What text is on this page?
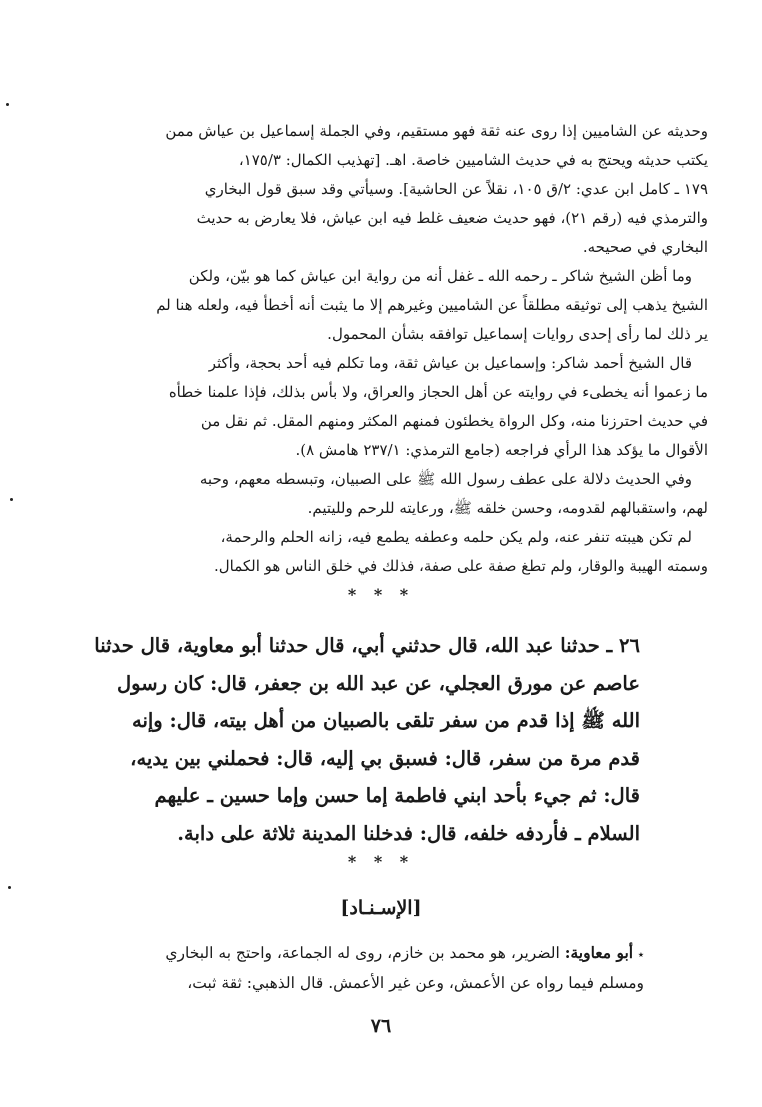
وحديثه عن الشاميين إذا روى عنه ثقة فهو مستقيم، وفي الجملة إسماعيل بن عياش ممن
يكتب حديثه ويحتج به في حديث الشاميين خاصة. اهـ. [تهذيب الكمال: ١٧٥/٣،
١٧٩ ـ كامل ابن عدي: ٢/ق ١٠٥، نقلاً عن الحاشية]. وسيأتي وقد سبق قول البخاري
والترمذي فيه (رقم ٢١)، فهو حديث ضعيف غلط فيه ابن عياش، فلا يعارض به حديث
البخاري في صحيحه.
وما أظن الشيخ شاكر ـ رحمه الله ـ غفل أنه من رواية ابن عياش كما هو بيّن، ولكن
الشيخ يذهب إلى توثيقه مطلقاً عن الشاميين وغيرهم إلا ما يثبت أنه أخطأ فيه، ولعله هنا لم
ير ذلك لما رأى إحدى روايات إسماعيل توافقه بشأن المحمول.
قال الشيخ أحمد شاكر: وإسماعيل بن عياش ثقة، وما تكلم فيه أحد بحجة، وأكثر
ما زعموا أنه يخطىء في روايته عن أهل الحجاز والعراق، ولا بأس بذلك، فإذا علمنا خطأه
في حديث احترزنا منه، وكل الرواة يخطئون فمنهم المكثر ومنهم المقل. ثم نقل من
الأقوال ما يؤكد هذا الرأي فراجعه (جامع الترمذي: ٢٣٧/١ هامش ٨).
وفي الحديث دلالة على عطف رسول الله ﷺ على الصبيان، وتبسطه معهم، وحبه
لهم، واستقبالهم لقدومه، وحسن خلقه ﷺ، ورعايته للرحم ولليتيم.
لم تكن هيبته تنفر عنه، ولم يكن حلمه وعطفه يطمع فيه، زانه الحلم والرحمة،
وسمته الهيبة والوقار، ولم تطغ صفة على صفة، فذلك في خلق الناس هو الكمال.
* * *
٢٦ ـ حدثنا عبد الله، قال حدثني أبي، قال حدثنا أبو معاوية، قال حدثنا
عاصم عن مورق العجلي، عن عبد الله بن جعفر، قال: كان رسول
الله ﷺ إذا قدم من سفر تلقى بالصبيان من أهل بيته، قال: وإنه
قدم مرة من سفر، قال: فسبق بي إليه، قال: فحملني بين يديه،
قال: ثم جيء بأحد ابني فاطمة إما حسن وإما حسين ـ عليهم
السلام ـ فأردفه خلفه، قال: فدخلنا المدينة ثلاثة على دابة.
* * *
[الإسـنـاد]
⭑ أبو معاوية: الضرير، هو محمد بن خازم، روى له الجماعة، واحتج به البخاري
ومسلم فيما رواه عن الأعمش، وعن غير الأعمش. قال الذهبي: ثقة ثبت،
٧٦
